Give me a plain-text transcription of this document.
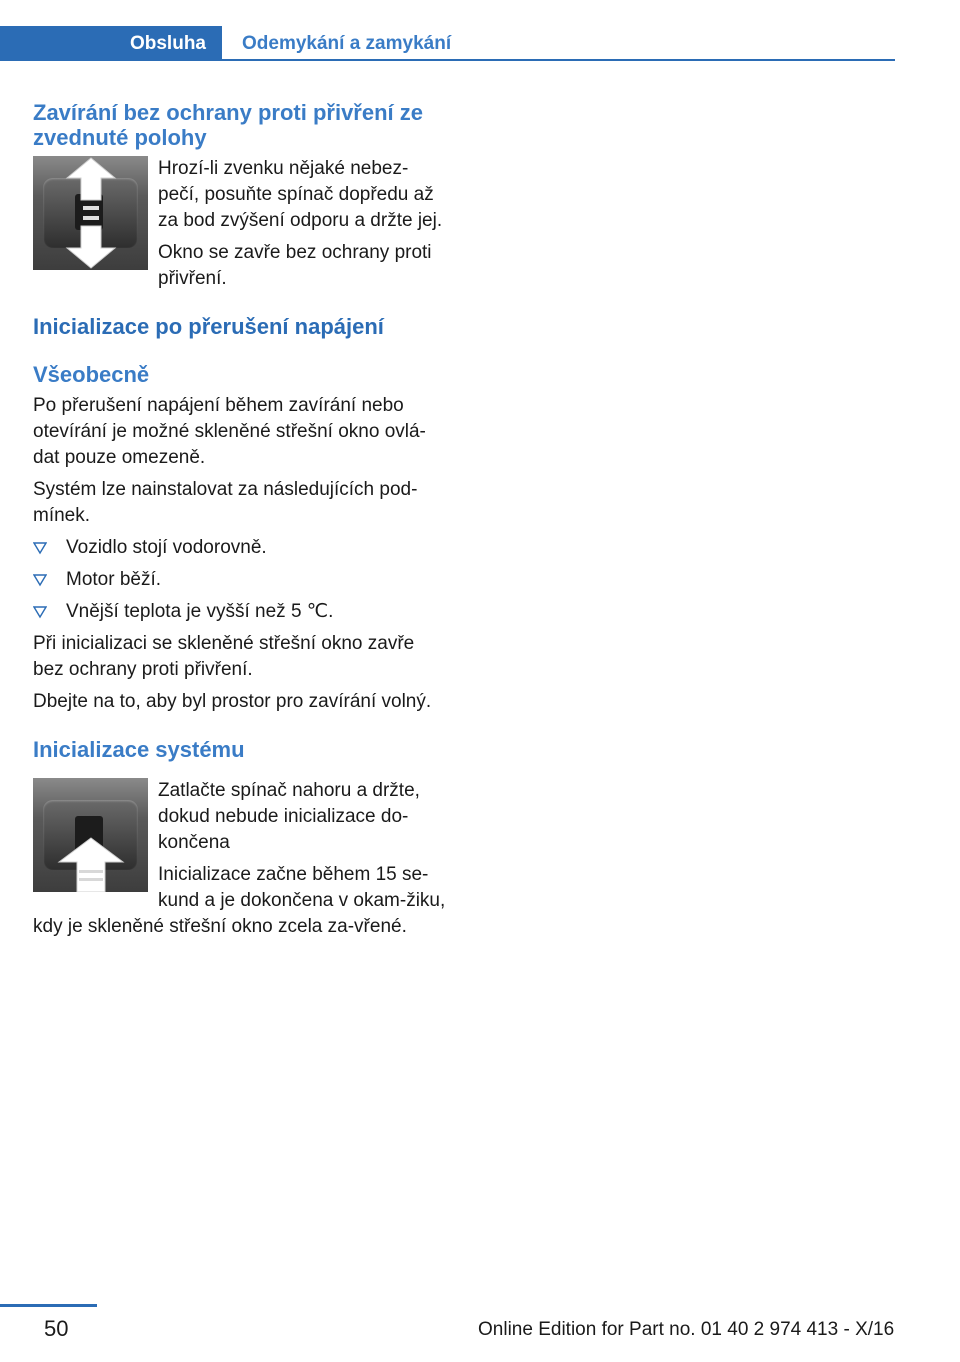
Obsluha	Odemykání a zamykání
Zavírání bez ochrany proti přivření ze zvednuté polohy

Hrozí-li zvenku nějaké nebez‐pečí, posuňte spínač dopředu až za bod zvýšení odporu a držte jej.

Okno se zavře bez ochrany proti přivření.

Inicializace po přerušení napájení
Všeobecně

Po přerušení napájení během zavírání nebo otevírání je možné skleněné střešní okno ovlá‐dat pouze omezeně.

Systém lze nainstalovat za následujících pod‐mínek.

Vozidlo stojí vodorovně.
Motor běží.
Vnější teplota je vyšší než 5 ℃.

Při inicializaci se skleněné střešní okno zavře bez ochrany proti přivření.

Dbejte na to, aby byl prostor pro zavírání volný.

Inicializace systému

Zatlačte spínač nahoru a držte, dokud nebude inicializace do‐končena

Inicializace začne během 15 se‐kund a je dokončena v okam‐žiku, kdy je skleněné střešní okno zcela za‐vřené.

50	Online Edition for Part no. 01 40 2 974 413 - X/16
